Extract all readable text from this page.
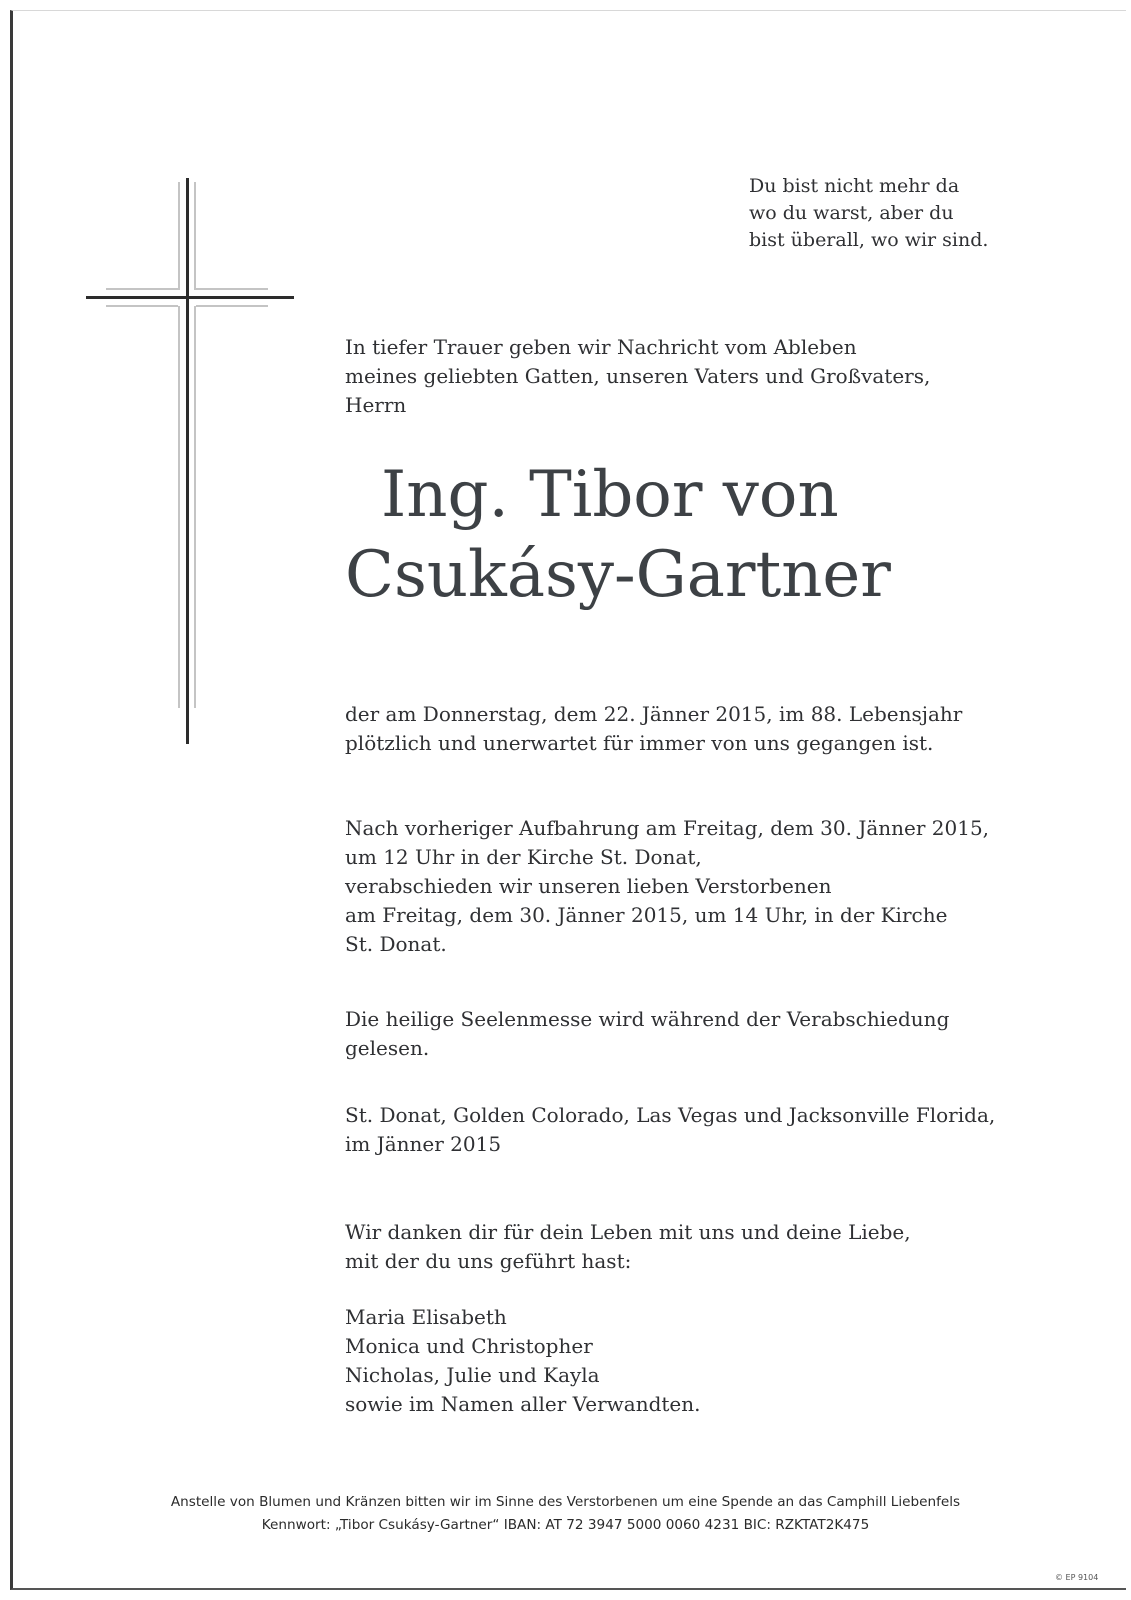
Du bist nicht mehr da
wo du warst, aber du
bist überall, wo wir sind.
In tiefer Trauer geben wir Nachricht vom Ableben
meines geliebten Gatten, unseren Vaters und Großvaters,
Herrn
Ing. Tibor von
Csukásy-Gartner
der am Donnerstag, dem 22. Jänner 2015, im 88. Lebensjahr
plötzlich und unerwartet für immer von uns gegangen ist.
Nach vorheriger Aufbahrung am Freitag, dem 30. Jänner 2015,
um 12 Uhr in der Kirche St. Donat,
verabschieden wir unseren lieben Verstorbenen
am Freitag, dem 30. Jänner 2015, um 14 Uhr, in der Kirche
St. Donat.
Die heilige Seelenmesse wird während der Verabschiedung
gelesen.
St. Donat, Golden Colorado, Las Vegas und Jacksonville Florida,
im Jänner 2015
Wir danken dir für dein Leben mit uns und deine Liebe,
mit der du uns geführt hast:
Maria Elisabeth
Monica und Christopher
Nicholas, Julie und Kayla
sowie im Namen aller Verwandten.
Anstelle von Blumen und Kränzen bitten wir im Sinne des Verstorbenen um eine Spende an das Camphill Liebenfels
Kennwort: „Tibor Csukásy-Gartner“ IBAN: AT 72 3947 5000 0060 4231 BIC: RZKTAT2K475
© EP 9104
